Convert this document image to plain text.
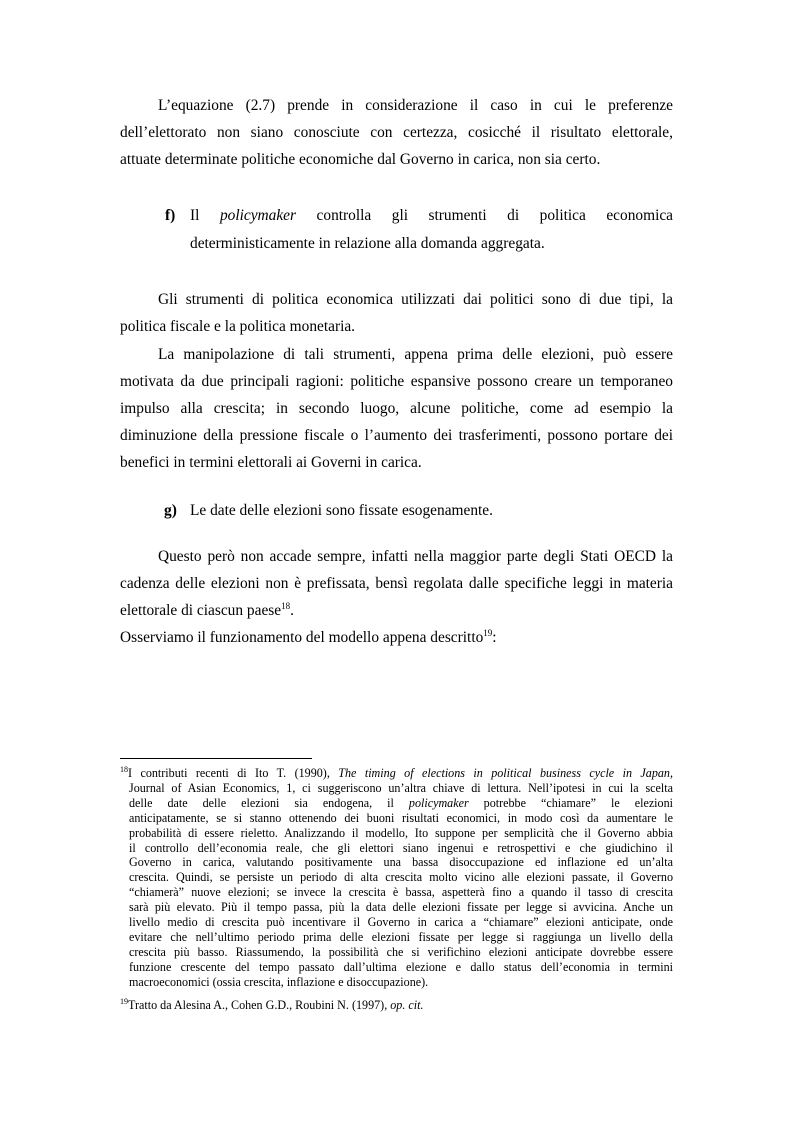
L’equazione (2.7) prende in considerazione il caso in cui le preferenze
dell’elettorato non siano conosciute con certezza, cosicché il risultato elettorale,
attuate determinate politiche economiche dal Governo in carica, non sia certo.
f) Il policymaker controlla gli strumenti di politica economica
deterministicamente in relazione alla domanda aggregata.
Gli strumenti di politica economica utilizzati dai politici sono di due tipi, la
politica fiscale e la politica monetaria.
La manipolazione di tali strumenti, appena prima delle elezioni, può essere
motivata da due principali ragioni: politiche espansive possono creare un temporaneo
impulso alla crescita; in secondo luogo, alcune politiche, come ad esempio la
diminuzione della pressione fiscale o l’aumento dei trasferimenti, possono portare dei
benefici in termini elettorali ai Governi in carica.
g) Le date delle elezioni sono fissate esogenamente.
Questo però non accade sempre, infatti nella maggior parte degli Stati OECD la
cadenza delle elezioni non è prefissata, bensì regolata dalle specifiche leggi in materia
elettorale di ciascun paese$^{18}$.
Osserviamo il funzionamento del modello appena descritto$^{19}$:
$^{18}$I contributi recenti di Ito T. (1990), The timing of elections in political business cycle in Japan,
Journal of Asian Economics, 1, ci suggeriscono un’altra chiave di lettura. Nell’ipotesi in cui la scelta
delle date delle elezioni sia endogena, il policymaker potrebbe “chiamare” le elezioni
anticipatamente, se si stanno ottenendo dei buoni risultati economici, in modo così da aumentare le
probabilità di essere rieletto. Analizzando il modello, Ito suppone per semplicità che il Governo abbia
il controllo dell’economia reale, che gli elettori siano ingenui e retrospettivi e che giudichino il
Governo in carica, valutando positivamente una bassa disoccupazione ed inflazione ed un’alta
crescita. Quindi, se persiste un periodo di alta crescita molto vicino alle elezioni passate, il Governo
“chiamerà” nuove elezioni; se invece la crescita è bassa, aspetterà fino a quando il tasso di crescita
sarà più elevato. Più il tempo passa, più la data delle elezioni fissate per legge si avvicina. Anche un
livello medio di crescita può incentivare il Governo in carica a “chiamare” elezioni anticipate, onde
evitare che nell’ultimo periodo prima delle elezioni fissate per legge si raggiunga un livello della
crescita più basso. Riassumendo, la possibilità che si verifichino elezioni anticipate dovrebbe essere
funzione crescente del tempo passato dall’ultima elezione e dallo status dell’economia in termini
macroeconomici (ossia crescita, inflazione e disoccupazione).
$^{19}$Tratto da Alesina A., Cohen G.D., Roubini N. (1997), op. cit.
